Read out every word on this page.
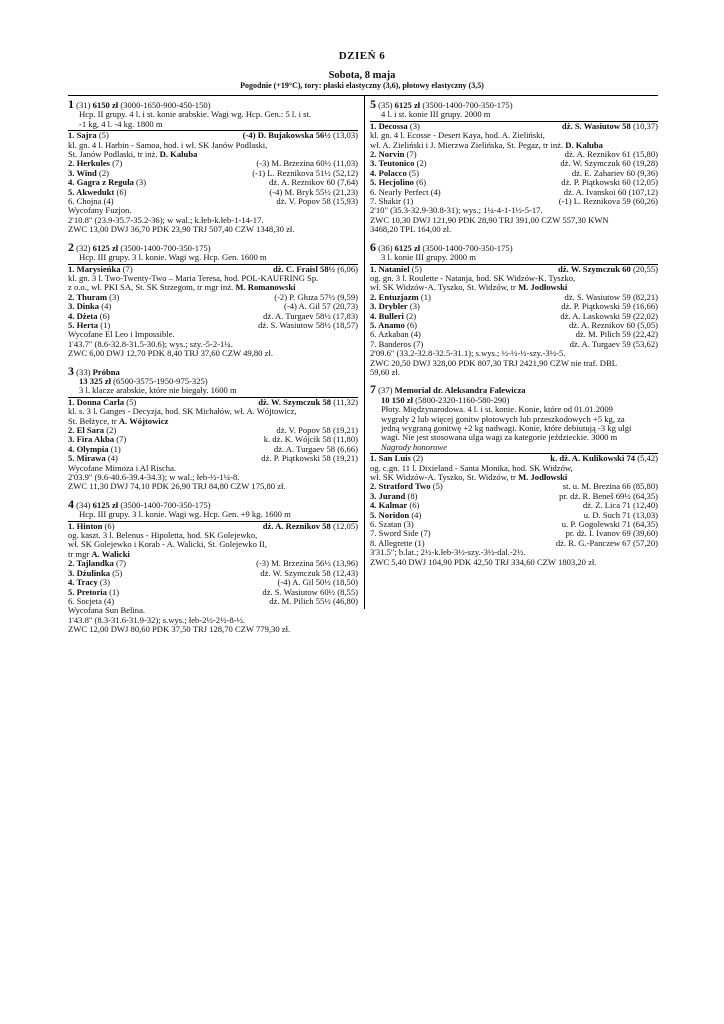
DZIEŃ 6
Sobota, 8 maja
Pogodnie (+19°C), tory: płaski elastyczny (3,6), płotowy elastyczny (3,5)
1 (31) 6150 zł (3000-1650-900-450-150)
Hcp. II grupy. 4 l. i st. konie arabskie. Wagi wg. Hcp. Gen.: 5 l. i st.
-1 kg, 4 l. -4 kg. 1800 m
1. Sajra (5)	(-4) D. Bujakowska 56½ (13,03)
kl. gn. 4 l. Harbin - Samoa, hod. i wł. SK Janów Podlaski,
St. Janów Podlaski, tr inż. D. Kaluba
2. Herkules (7)	(-3) M. Brzezina 60½ (11,03)
3. Wind (2)	(-1) L. Reznikova 51½ (52,12)
4. Gagra z Reguła (3)	dż. A. Reznikov 60 (7,64)
5. Akwedukt (6)	(-4) M. Bryk 55½ (21,23)
6. Chojna (4)	dż. V. Popov 58 (15,93)
Wycofany Fuzjon.
2'10.8" (23.9-35.7-35.2-36); w wal.; k.łeb-k.łeb-1-14-17.
ZWC 13,00 DWJ 36,70 PDK 23,90 TRJ 507,40 CZW 1348,30 zł.
2 (32) 6125 zł (3500-1400-700-350-175)
Hcp. III grupy. 3 l. konie. Wagi wg. Hcp. Gen. 1600 m
1. Marysieńka (7)	dż. C. Fraisl 58½ (6,06)
kl. gn. 3 l. Two-Twenty-Two – Maria Teresa, hod. POL-KAUFRING Sp.
z o.o., wł. PKI SA, St. SK Strzegom, tr mgr inż. M. Romanowski
2. Thuram (3)	(-2) P. Głuza 57½ (9,59)
3. Dinka (4)	(-4) A. Gil 57 (20,73)
4. Dżeta (6)	dż. A. Turgaev 58½ (17,83)
5. Herta (1)	dż. S. Wasiutow 58½ (18,57)
Wycofane El Leo i Impossible.
1'43.7" (8.6-32.8-31.5-30.6); wys.; szy.-5-2-1¼.
ZWC 6,00 DWJ 12,70 PDK 8,40 TRJ 37,60 CZW 49,80 zł.
3 (33) Próbna
13 325 zł (6500-3575-1950-975-325)
3 l. klacze arabskie, które nie biegały. 1600 m
1. Donna Carla (5)	dż. W. Szymczuk 58 (11,32)
kl. s. 3 l. Ganges - Decyzja, hod. SK Michałów, wł. A. Wójtowicz,
St. Bełżyce, tr A. Wójtowicz
2. El Sara (2)	dż. V. Popov 58 (19,21)
3. Fira Akba (7)	k. dż. K. Wójcik 58 (11,80)
4. Olympia (1)	dż. A. Turgaev 58 (6,66)
5. Mirawa (4)	dż. P. Piątkowski 58 (19,21)
Wycofane Mimoza i Al Rischa.
2'03.9" (9.6-40.6-39.4-34.3); w wal.; łeb-½-1¼-8.
ZWC 11,30 DWJ 74,10 PDK 26,90 TRJ 84,80 CZW 175,80 zł.
4 (34) 6125 zł (3500-1400-700-350-175)
Hcp. III grupy. 3 l. konie. Wagi wg. Hcp. Gen. +9 kg. 1600 m
1. Hinton (6)	dż. A. Reznikov 58 (12,05)
og. kaszt. 3 l. Belenus - Hipoletta, hod. SK Golejewko,
wł. SK Golejewko i Korab - A. Walicki, St. Golejewko II,
tr mgr A. Walicki
2. Tajlandka (7)	(-3) M. Brzezina 56½ (13,96)
3. Dżulinka (5)	dż. W. Szymczuk 58 (12,43)
4. Tracy (3)	(-4) A. Gil 50½ (18,50)
5. Pretoria (1)	dż. S. Wasiutow 60½ (8,55)
6. Socjeta (4)	dż. M. Pilich 55½ (46,80)
Wycofana Sun Belina.
1'43.8" (8.3-31.6-31.9-32); s.wys.; łeb-2½-2½-8-½.
ZWC 12,00 DWJ 80,60 PDK 37,50 TRJ 128,70 CZW 779,30 zł.
5 (35) 6125 zł (3500-1400-700-350-175)
4 l. i st. konie III grupy. 2000 m
1. Decossa (3)	dż. S. Wasiutow 58 (10,37)
kl. gn. 4 l. Ecosse - Desert Kaya, hod. A. Zieliński,
wł. A. Zieliński i J. Mierzwa Zielińska, St. Pegaz, tr inż. D. Kaluba
2. Norvin (7)	dż. A. Reznikov 61 (15,80)
3. Teutonico (2)	dż. W. Szymczuk 60 (19,28)
4. Polacco (5)	dż. E. Zahariev 60 (9,36)
5. Hecjolino (6)	dż. P. Piątkowski 60 (12,05)
6. Nearly Perfect (4)	dż. A. Ivanskoi 60 (107,12)
7. Shakir (1)	(-1) L. Reznikova 59 (60,26)
2'10" (35.3-32.9-30.8-31); wys.; 1¼-4-1-1½-5-17.
ZWC 10,30 DWJ 121,90 PDK 28,90 TRJ 391,00 CZW 557,30 KWN
3468,20 TPL 164,00 zł.
6 (36) 6125 zł (3500-1400-700-350-175)
3 l. konie III grupy. 2000 m
1. Nataniel (5)	dż. W. Szymczuk 60 (20,55)
og. gn. 3 l. Roulette - Natanja, hod. SK Widzów-K. Tyszko,
wł. SK Widzów-A. Tyszko, St. Widzów, tr M. Jodłowski
2. Entuzjazm (1)	dż. S. Wasiutow 59 (82,21)
3. Drybler (3)	dż. P. Piątkowski 59 (16,66)
4. Bulleri (2)	dż. A. Laskowski 59 (22,02)
5. Anamo (6)	dż. A. Reznikov 60 (5,05)
6. Azkaban (4)	dż. M. Pilich 59 (22,42)
7. Banderos (7)	dż. A. Turgaev 59 (53,62)
2'09.6" (33.2-32.8-32.5-31.1); s.wys.; ½-½-½-szy.-3½-5.
ZWC 20,50 DWJ 328,00 PDK 807,30 TRJ 2421,90 CZW nie traf. DBL
59,60 zł.
7 (37) Memoriał dr. Aleksandra Falewicza
10 150 zł (5800-2320-1160-580-290)
Płoty. Międzynarodowa. 4 l. i st. konie. Konie, które od 01.01.2009
wygrały 2 lub więcej gonitw płotowych lub przeszkodowych +5 kg, za
jedną wygraną gonitwę +2 kg nadwagi. Konie, które debiutują -3 kg ulgi
wagi. Nie jest stosowana ulga wagi za kategorie jeździeckie. 3000 m
Nagrody honorowe
1. San Luis (2)	k. dż. A. Kulikowski 74 (5,42)
og. c.gn. 11 l. Dixieland - Santa Monika, hod. SK Widzów,
wł. SK Widzów-A. Tyszko, St. Widzów, tr M. Jodłowski
2. Stratford Two (5)	st. u. M. Brezina 66 (85,80)
3. Jurand (8)	pr. dż. R. Beneš 69½ (64,35)
4. Kalmar (6)	dż. Z. Lica 71 (12,40)
5. Noridon (4)	u. D. Such 71 (13,03)
6. Szatan (3)	u. P. Gogolewski 71 (64,35)
7. Sword Side (7)	pr. dż. I. Ivanov 69 (39,60)
8. Allegrette (1)	dż. R. G.-Panczew 67 (57,20)
3'31.5"; b.lat.; 2½-k.łeb-3½-szy.-3½-dal.-2½.
ZWC 5,40 DWJ 104,90 PDK 42,50 TRJ 334,60 CZW 1803,20 zł.
